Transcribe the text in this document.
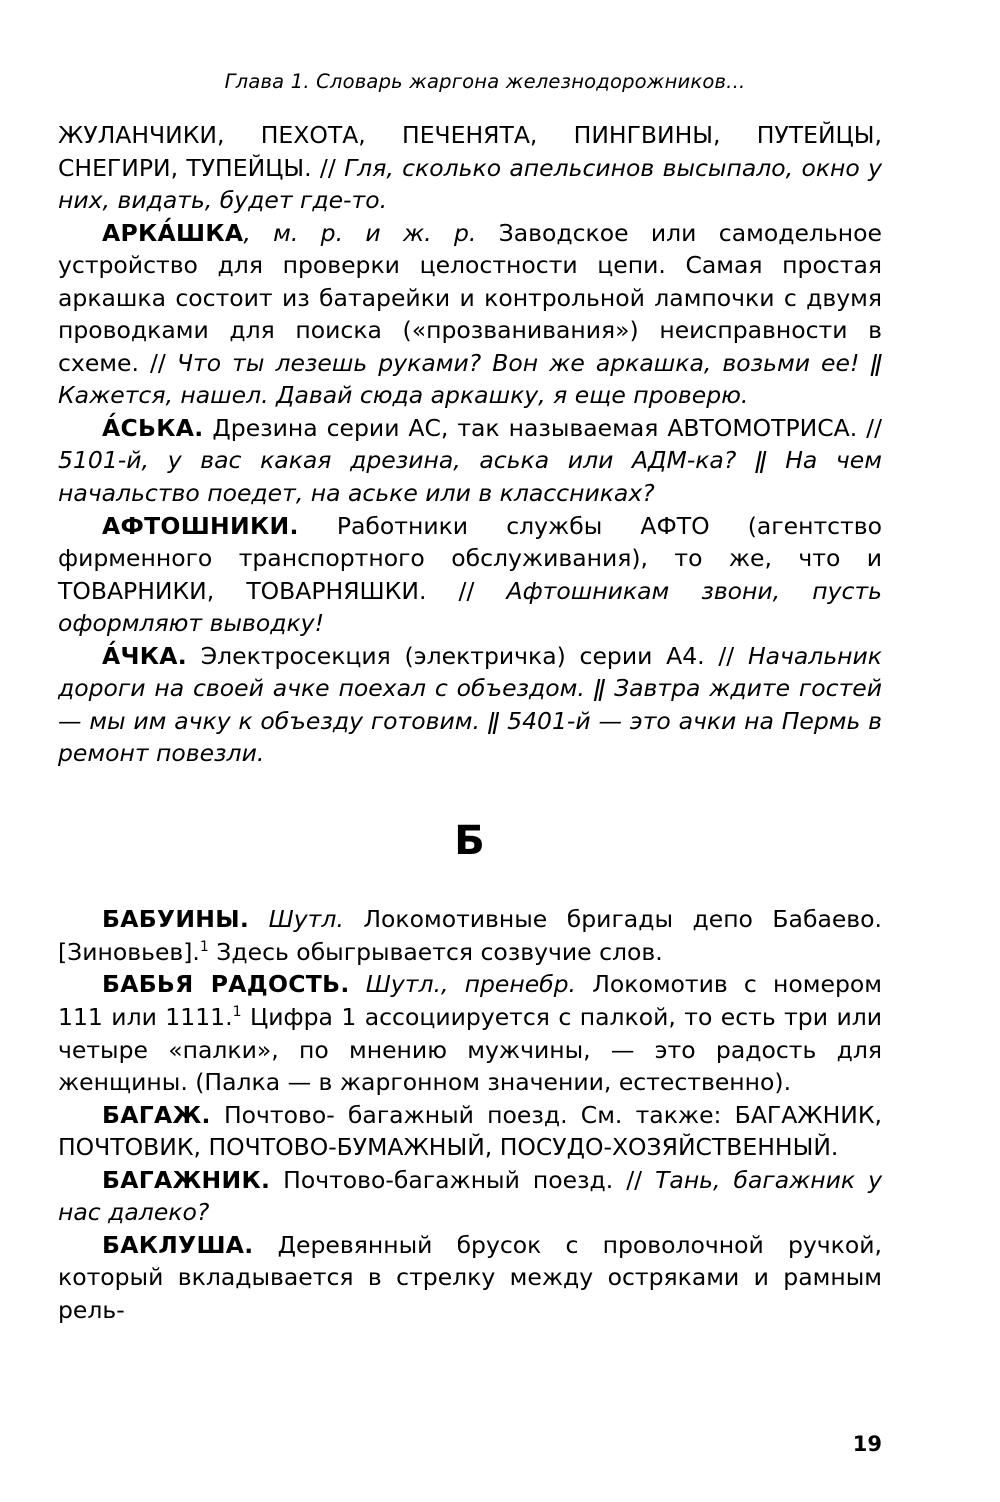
Глава 1. Словарь жаргона железнодорожников...

ЖУЛАНЧИКИ, ПЕХОТА, ПЕЧЕНЯТА, ПИНГВИНЫ, ПУТЕЙЦЫ, СНЕГИРИ, ТУПЕЙЦЫ. // Гля, сколько апельсинов высыпало, окно у них, видать, будет где-то.

АРКА́ШКА, м. р. и ж. р. Заводское или самодельное устройство для проверки целостности цепи. Самая простая аркашка состоит из батарейки и контрольной лампочки с двумя проводками для поиска («прозванивания») неисправности в схеме. // Что ты лезешь руками? Вон же аркашка, возьми ее! ǁ Кажется, нашел. Давай сюда аркашку, я еще проверю.

А́СЬКА. Дрезина серии АС, так называемая АВТОМОТРИСА. // 5101-й, у вас какая дрезина, аська или АДМ-ка? ǁ На чем начальство поедет, на аське или в классниках?

АФТОШНИКИ. Работники службы АФТО (агентство фирменного транспортного обслуживания), то же, что и ТОВАРНИКИ, ТОВАРНЯШКИ. // Афтошникам звони, пусть оформляют выводку!

А́ЧКА. Электросекция (электричка) серии А4. // Начальник дороги на своей ачке поехал с объездом. ǁ Завтра ждите гостей — мы им ачку к объезду готовим. ǁ 5401-й — это ачки на Пермь в ремонт повезли.

Б

БАБУИНЫ. Шутл. Локомотивные бригады депо Бабаево.[Зиновьев].$^1$ Здесь обыгрывается созвучие слов.

БАБЬЯ РАДОСТЬ. Шутл., пренебр. Локомотив с номером 111 или 1111.$^1$ Цифра 1 ассоциируется с палкой, то есть три или четыре «палки», по мнению мужчины, — это радость для женщины. (Палка — в жаргонном значении, естественно).

БАГАЖ. Почтово- багажный поезд. См. также: БАГАЖНИК, ПОЧТОВИК, ПОЧТОВО-БУМАЖНЫЙ, ПОСУДО-ХОЗЯЙСТВЕННЫЙ.

БАГАЖНИК. Почтово-багажный поезд. // Тань, багажник у нас далеко?

БАКЛУША. Деревянный брусок с проволочной ручкой, который вкладывается в стрелку между остряками и рамным рель-

19
